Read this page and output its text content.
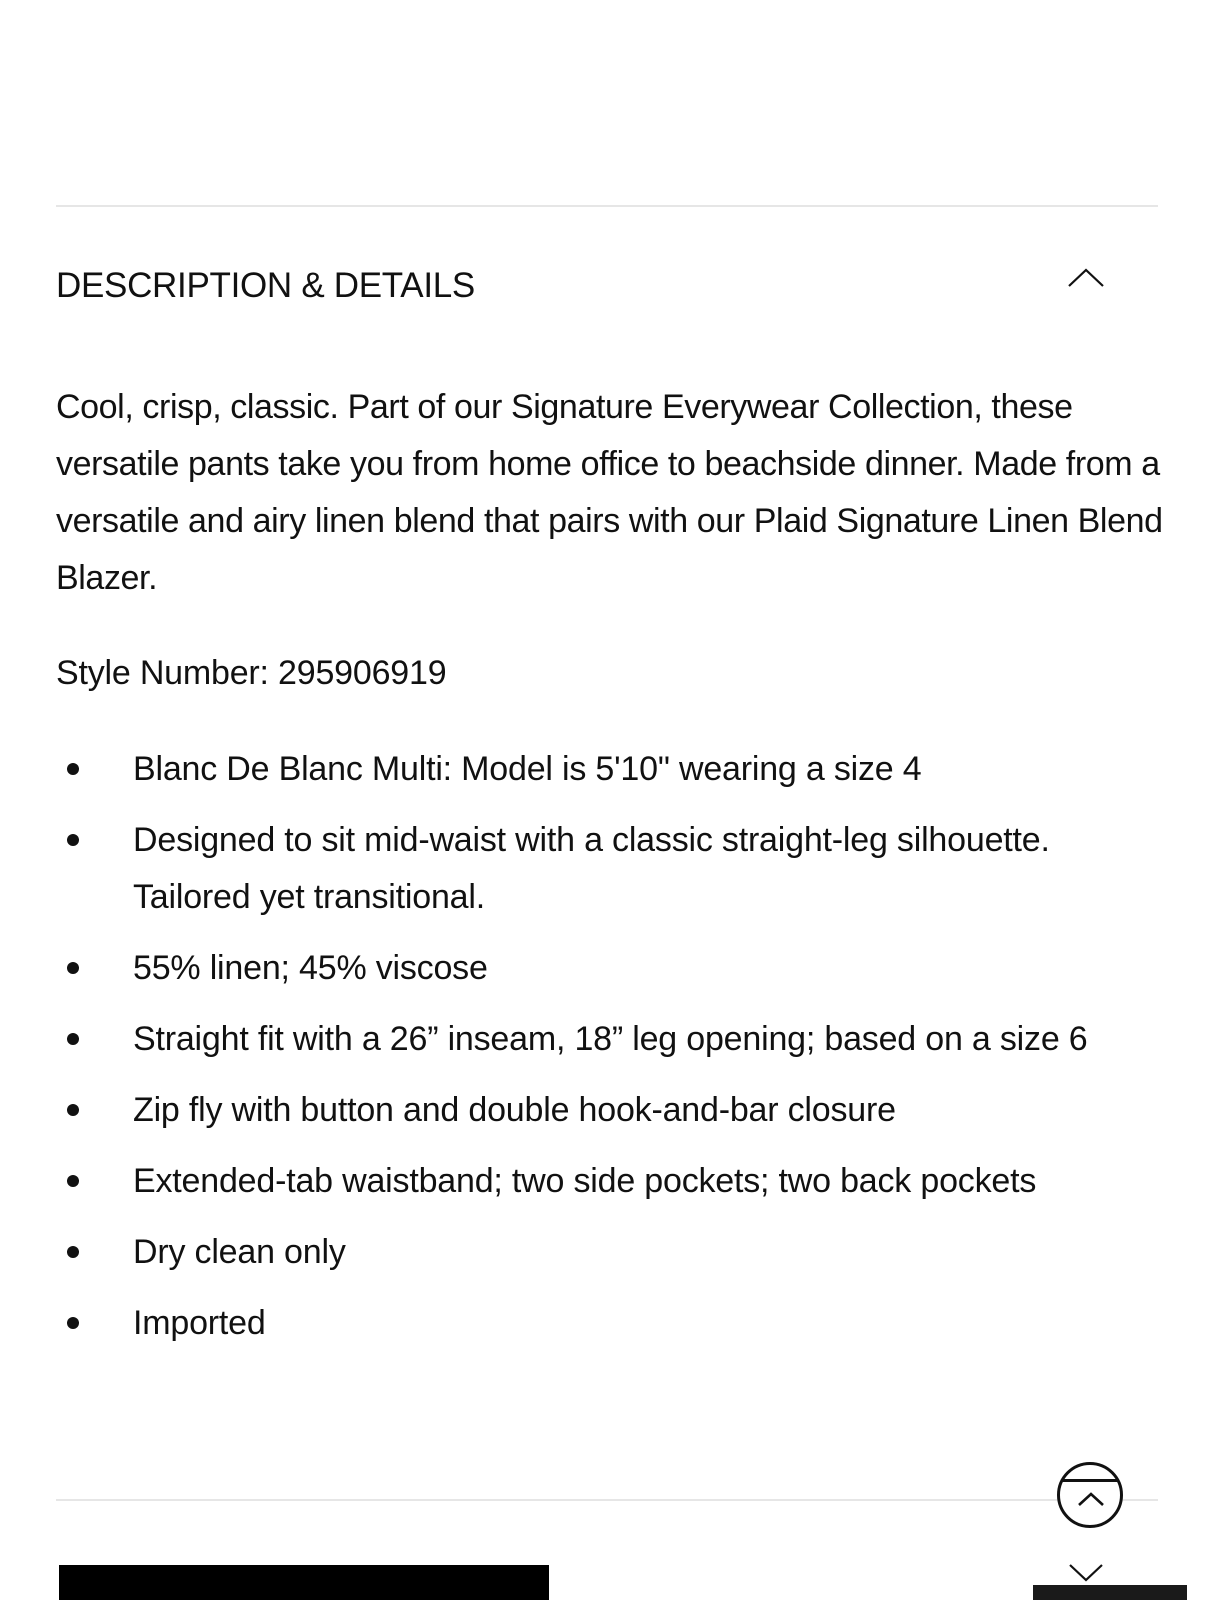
DESCRIPTION & DETAILS

Cool, crisp, classic. Part of our Signature Everywear Collection, these versatile pants take you from home office to beachside dinner. Made from a versatile and airy linen blend that pairs with our Plaid Signature Linen Blend Blazer.

Style Number: 295906919
Blanc De Blanc Multi: Model is 5'10" wearing a size 4
Designed to sit mid-waist with a classic straight-leg silhouette. Tailored yet transitional.
55% linen; 45% viscose
Straight fit with a 26” inseam, 18” leg opening; based on a size 6
Zip fly with button and double hook-and-bar closure
Extended-tab waistband; two side pockets; two back pockets
Dry clean only
Imported
